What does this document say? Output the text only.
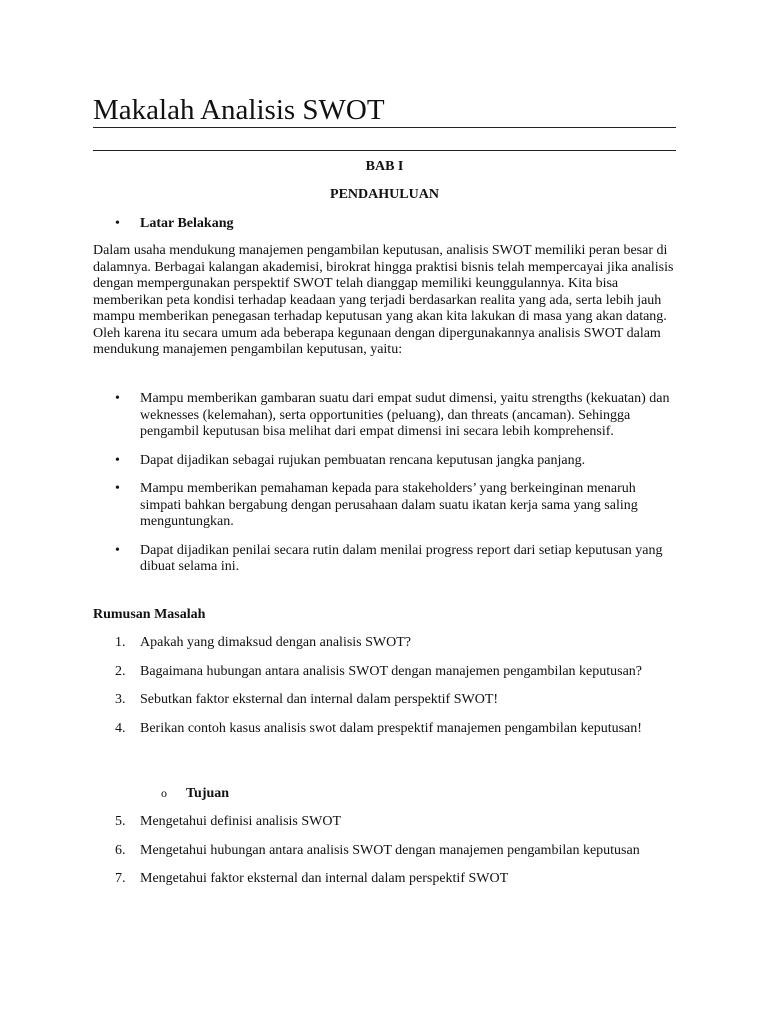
Makalah Analisis SWOT

BAB I

PENDAHULUAN

•	Latar Belakang

Dalam usaha mendukung manajemen pengambilan keputusan, analisis SWOT memiliki peran besar di dalamnya. Berbagai kalangan akademisi, birokrat hingga praktisi bisnis telah mempercayai jika analisis dengan mempergunakan perspektif SWOT telah dianggap memiliki keunggulannya. Kita bisa memberikan peta kondisi terhadap keadaan yang terjadi berdasarkan realita yang ada, serta lebih jauh mampu memberikan penegasan terhadap keputusan yang akan kita lakukan di masa yang akan datang. Oleh karena itu secara umum ada beberapa kegunaan dengan dipergunakannya analisis SWOT dalam mendukung manajemen pengambilan keputusan, yaitu:

• Mampu memberikan gambaran suatu dari empat sudut dimensi, yaitu strengths (kekuatan) dan weknesses (kelemahan), serta opportunities (peluang), dan threats (ancaman). Sehingga pengambil keputusan bisa melihat dari empat dimensi ini secara lebih komprehensif.
• Dapat dijadikan sebagai rujukan pembuatan rencana keputusan jangka panjang.
• Mampu memberikan pemahaman kepada para stakeholders’ yang berkeinginan menaruh simpati bahkan bergabung dengan perusahaan dalam suatu ikatan kerja sama yang saling menguntungkan.
• Dapat dijadikan penilai secara rutin dalam menilai progress report dari setiap keputusan yang dibuat selama ini.
Rumusan Masalah
1. Apakah yang dimaksud dengan analisis SWOT?
2. Bagaimana hubungan antara analisis SWOT dengan manajemen pengambilan keputusan?
3. Sebutkan faktor eksternal dan internal dalam perspektif SWOT!
4. Berikan contoh kasus analisis swot dalam prespektif manajemen pengambilan keputusan!
o Tujuan
5. Mengetahui definisi analisis SWOT
6. Mengetahui hubungan antara analisis SWOT dengan manajemen pengambilan keputusan
7. Mengetahui faktor eksternal dan internal dalam perspektif SWOT
